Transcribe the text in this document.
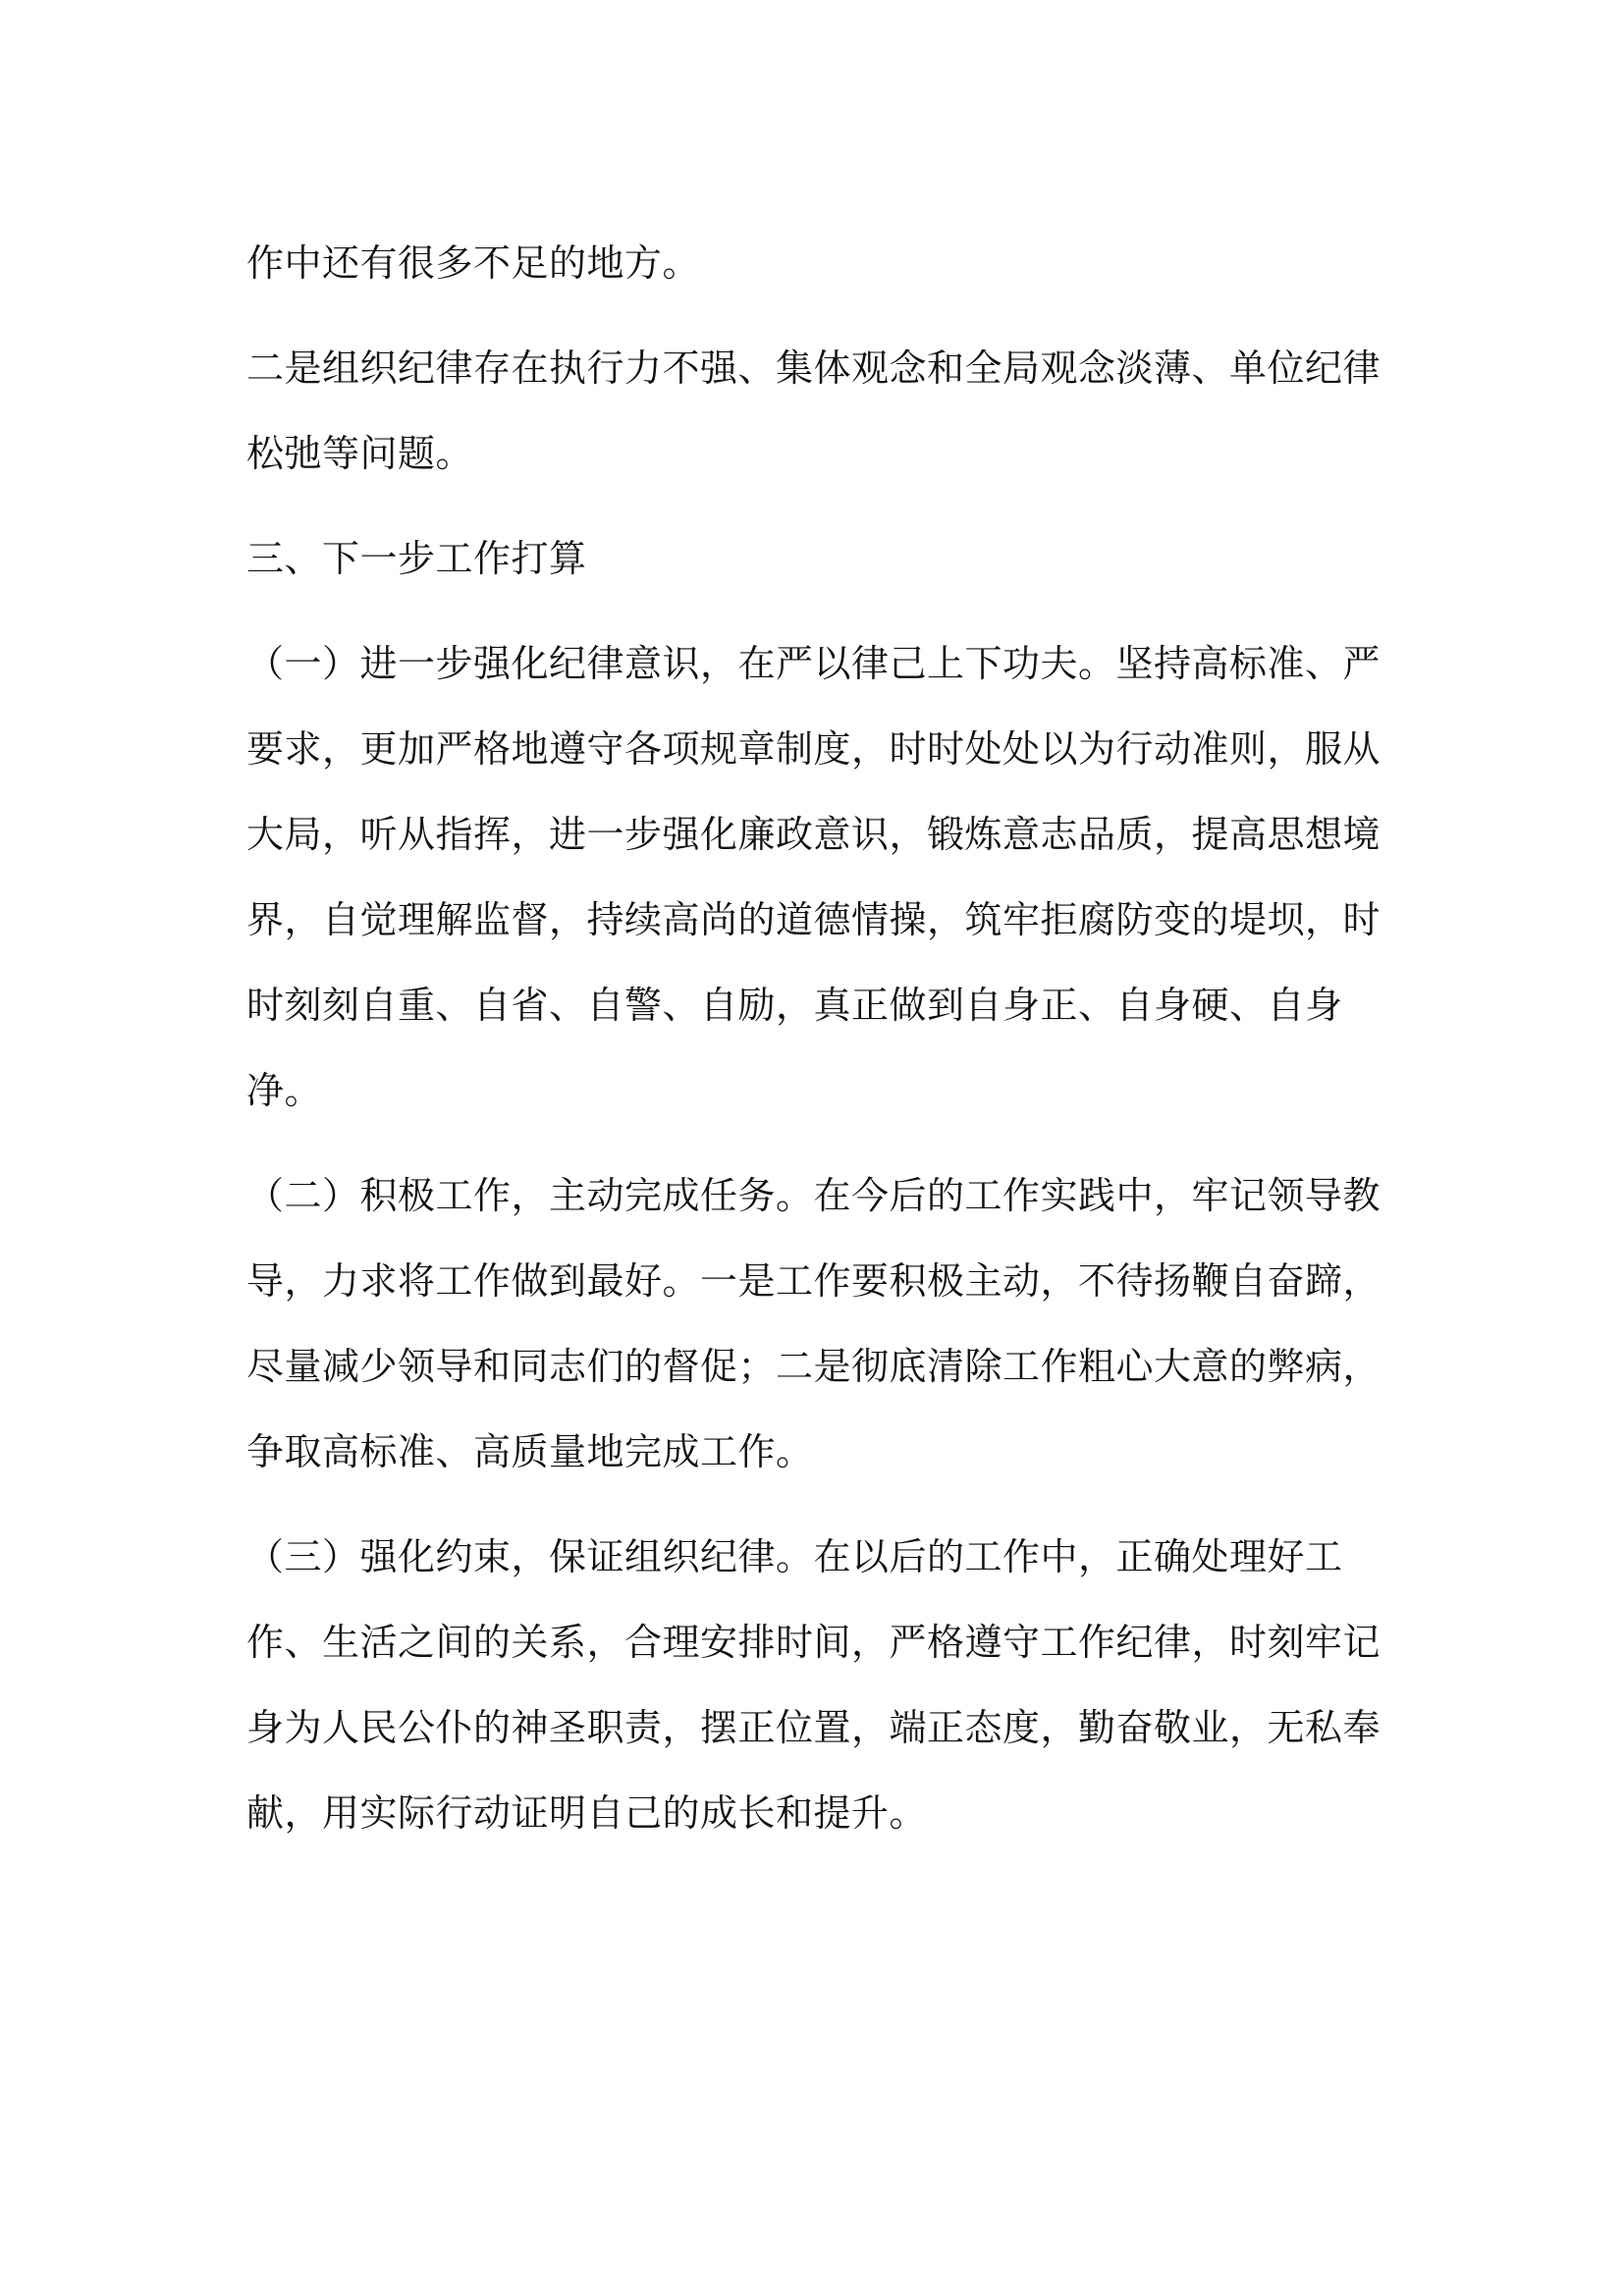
作中还有很多不足的地方。

二是组织纪律存在执行力不强、集体观念和全局观念淡薄、单位纪律松弛等问题。

三、下一步工作打算

（一）进一步强化纪律意识，在严以律己上下功夫。坚持高标准、严要求，更加严格地遵守各项规章制度，时时处处以为行动准则，服从大局，听从指挥，进一步强化廉政意识，锻炼意志品质，提高思想境界，自觉理解监督，持续高尚的道德情操，筑牢拒腐防变的堤坝，时时刻刻自重、自省、自警、自励，真正做到自身正、自身硬、自身净。

（二）积极工作，主动完成任务。在今后的工作实践中，牢记领导教导，力求将工作做到最好。一是工作要积极主动，不待扬鞭自奋蹄，尽量减少领导和同志们的督促；二是彻底清除工作粗心大意的弊病，争取高标准、高质量地完成工作。

（三）强化约束，保证组织纪律。在以后的工作中，正确处理好工作、生活之间的关系，合理安排时间，严格遵守工作纪律，时刻牢记身为人民公仆的神圣职责，摆正位置，端正态度，勤奋敬业，无私奉献，用实际行动证明自己的成长和提升。
